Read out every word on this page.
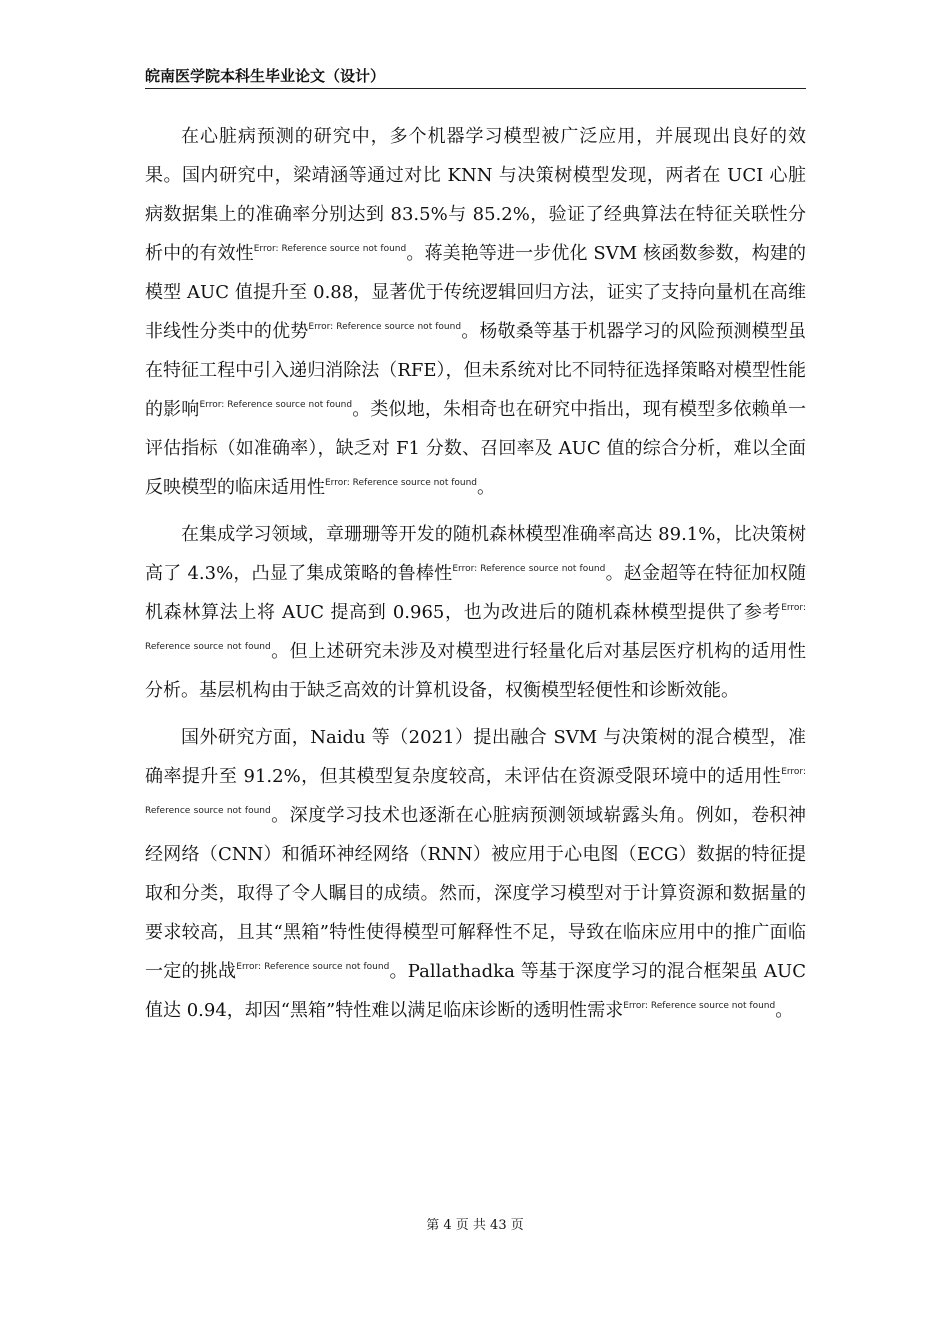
皖南医学院本科生毕业论文（设计）

在心脏病预测的研究中，多个机器学习模型被广泛应用，并展现出良好的效果。国内研究中，梁靖涵等通过对比 KNN 与决策树模型发现，两者在 UCI 心脏病数据集上的准确率分别达到 83.5%与 85.2%，验证了经典算法在特征关联性分析中的有效性$^{Error: Reference source not found}$。蒋美艳等进一步优化 SVM 核函数参数，构建的模型 AUC 值提升至 0.88，显著优于传统逻辑回归方法，证实了支持向量机在高维非线性分类中的优势$^{Error: Reference source not found}$。杨敬桑等基于机器学习的风险预测模型虽在特征工程中引入递归消除法（RFE），但未系统对比不同特征选择策略对模型性能的影响$^{Error: Reference source not found}$。类似地，朱相奇也在研究中指出，现有模型多依赖单一评估指标（如准确率），缺乏对 F1 分数、召回率及 AUC 值的综合分析，难以全面反映模型的临床适用性$^{Error: Reference source not found}$。

在集成学习领域，章珊珊等开发的随机森林模型准确率高达 89.1%，比决策树高了 4.3%，凸显了集成策略的鲁棒性$^{Error: Reference source not found}$。赵金超等在特征加权随机森林算法上将 AUC 提高到 0.965，也为改进后的随机森林模型提供了参考$^{Error: Reference source not found}$。但上述研究未涉及对模型进行轻量化后对基层医疗机构的适用性分析。基层机构由于缺乏高效的计算机设备，权衡模型轻便性和诊断效能。

国外研究方面，Naidu 等（2021）提出融合 SVM 与决策树的混合模型，准确率提升至 91.2%，但其模型复杂度较高，未评估在资源受限环境中的适用性$^{Error: Reference source not found}$。深度学习技术也逐渐在心脏病预测领域崭露头角。例如，卷积神经网络（CNN）和循环神经网络（RNN）被应用于心电图（ECG）数据的特征提取和分类，取得了令人瞩目的成绩。然而，深度学习模型对于计算资源和数据量的要求较高，且其“黑箱”特性使得模型可解释性不足，导致在临床应用中的推广面临一定的挑战$^{Error: Reference source not found}$。Pallathadka 等基于深度学习的混合框架虽 AUC 值达 0.94，却因“黑箱”特性难以满足临床诊断的透明性需求$^{Error: Reference source not found}$。

第 4 页 共 43 页
